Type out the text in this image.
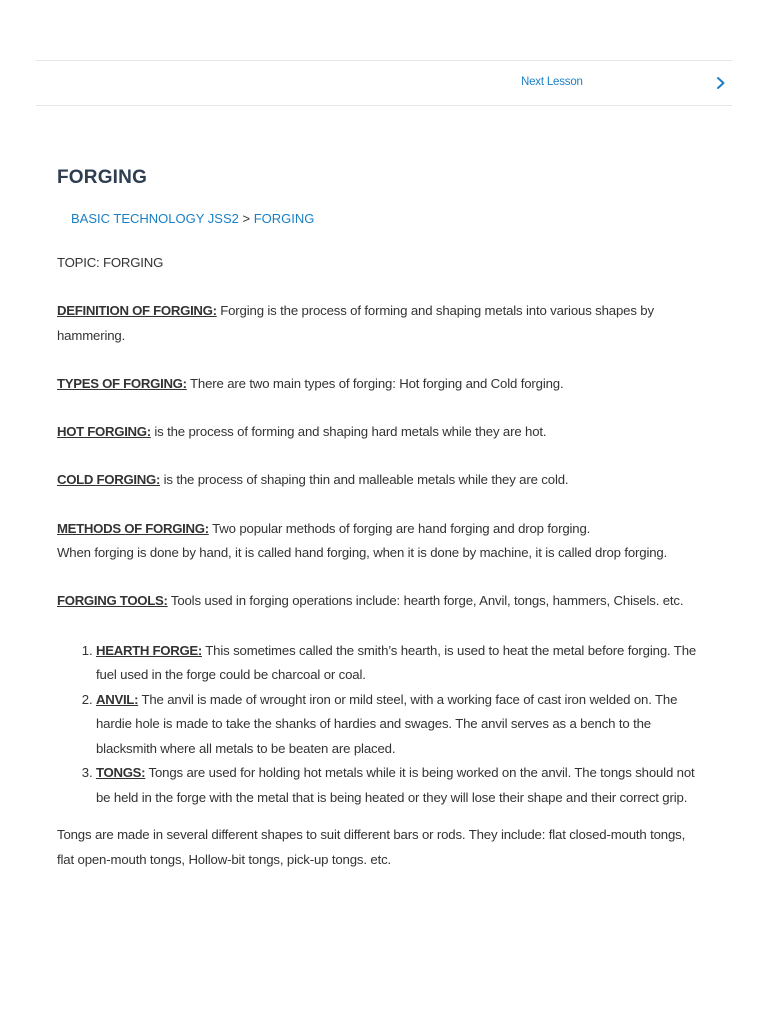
Next Lesson
FORGING
BASIC TECHNOLOGY JSS2 > FORGING

TOPIC: FORGING

DEFINITION OF FORGING: Forging is the process of forming and shaping metals into various shapes by hammering.

TYPES OF FORGING: There are two main types of forging: Hot forging and Cold forging.

HOT FORGING: is the process of forming and shaping hard metals while they are hot.

COLD FORGING: is the process of shaping thin and malleable metals while they are cold.

METHODS OF FORGING: Two popular methods of forging are hand forging and drop forging.
When forging is done by hand, it is called hand forging, when it is done by machine, it is called drop forging.

FORGING TOOLS: Tools used in forging operations include: hearth forge, Anvil, tongs, hammers, Chisels. etc.

1. HEARTH FORGE: This sometimes called the smith’s hearth, is used to heat the metal before forging. The fuel used in the forge could be charcoal or coal.
2. ANVIL: The anvil is made of wrought iron or mild steel, with a working face of cast iron welded on. The hardie hole is made to take the shanks of hardies and swages. The anvil serves as a bench to the blacksmith where all metals to be beaten are placed.
3. TONGS: Tongs are used for holding hot metals while it is being worked on the anvil. The tongs should not be held in the forge with the metal that is being heated or they will lose their shape and their correct grip.

Tongs are made in several different shapes to suit different bars or rods. They include: flat closed-mouth tongs, flat open-mouth tongs, Hollow-bit tongs, pick-up tongs. etc.
